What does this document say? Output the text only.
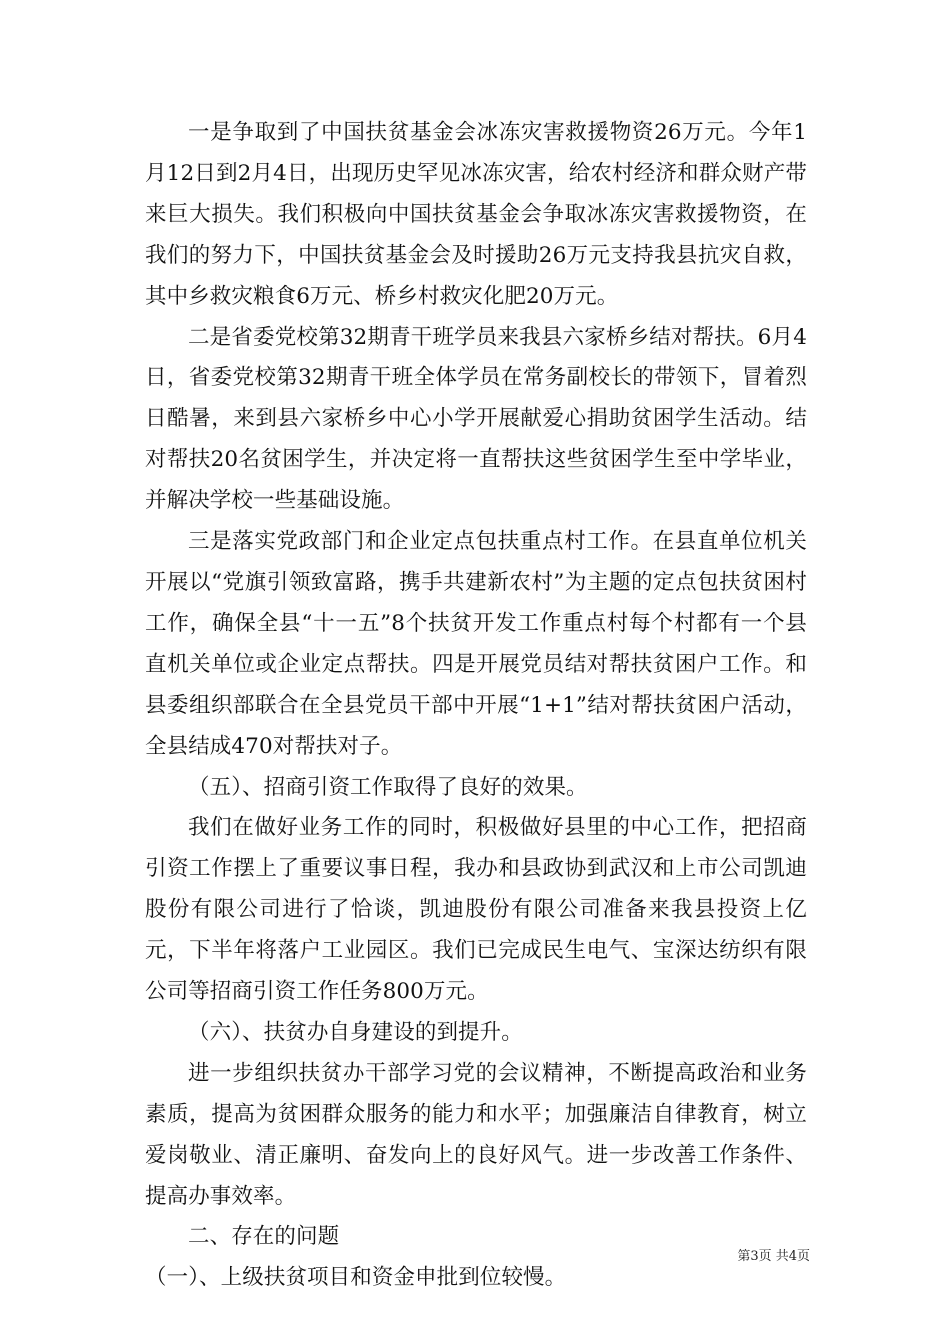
一是争取到了中国扶贫基金会冰冻灾害救援物资26万元。今年1月12日到2月4日，出现历史罕见冰冻灾害，给农村经济和群众财产带来巨大损失。我们积极向中国扶贫基金会争取冰冻灾害救援物资，在我们的努力下，中国扶贫基金会及时援助26万元支持我县抗灾自救，其中乡救灾粮食6万元、桥乡村救灾化肥20万元。

二是省委党校第32期青干班学员来我县六家桥乡结对帮扶。6月4日，省委党校第32期青干班全体学员在常务副校长的带领下，冒着烈日酷暑，来到县六家桥乡中心小学开展献爱心捐助贫困学生活动。结对帮扶20名贫困学生，并决定将一直帮扶这些贫困学生至中学毕业，并解决学校一些基础设施。

三是落实党政部门和企业定点包扶重点村工作。在县直单位机关开展以“党旗引领致富路，携手共建新农村”为主题的定点包扶贫困村工作，确保全县“十一五”8个扶贫开发工作重点村每个村都有一个县直机关单位或企业定点帮扶。四是开展党员结对帮扶贫困户工作。和县委组织部联合在全县党员干部中开展“1+1”结对帮扶贫困户活动，全县结成470对帮扶对子。

（五）、招商引资工作取得了良好的效果。

我们在做好业务工作的同时，积极做好县里的中心工作，把招商引资工作摆上了重要议事日程，我办和县政协到武汉和上市公司凯迪股份有限公司进行了恰谈，凯迪股份有限公司准备来我县投资上亿元，下半年将落户工业园区。我们已完成民生电气、宝深达纺织有限公司等招商引资工作任务800万元。

（六）、扶贫办自身建设的到提升。

进一步组织扶贫办干部学习党的会议精神，不断提高政治和业务素质，提高为贫困群众服务的能力和水平；加强廉洁自律教育，树立爱岗敬业、清正廉明、奋发向上的良好风气。进一步改善工作条件、提高办事效率。

二、存在的问题

（一）、上级扶贫项目和资金申批到位较慢。

第3页 共4页
